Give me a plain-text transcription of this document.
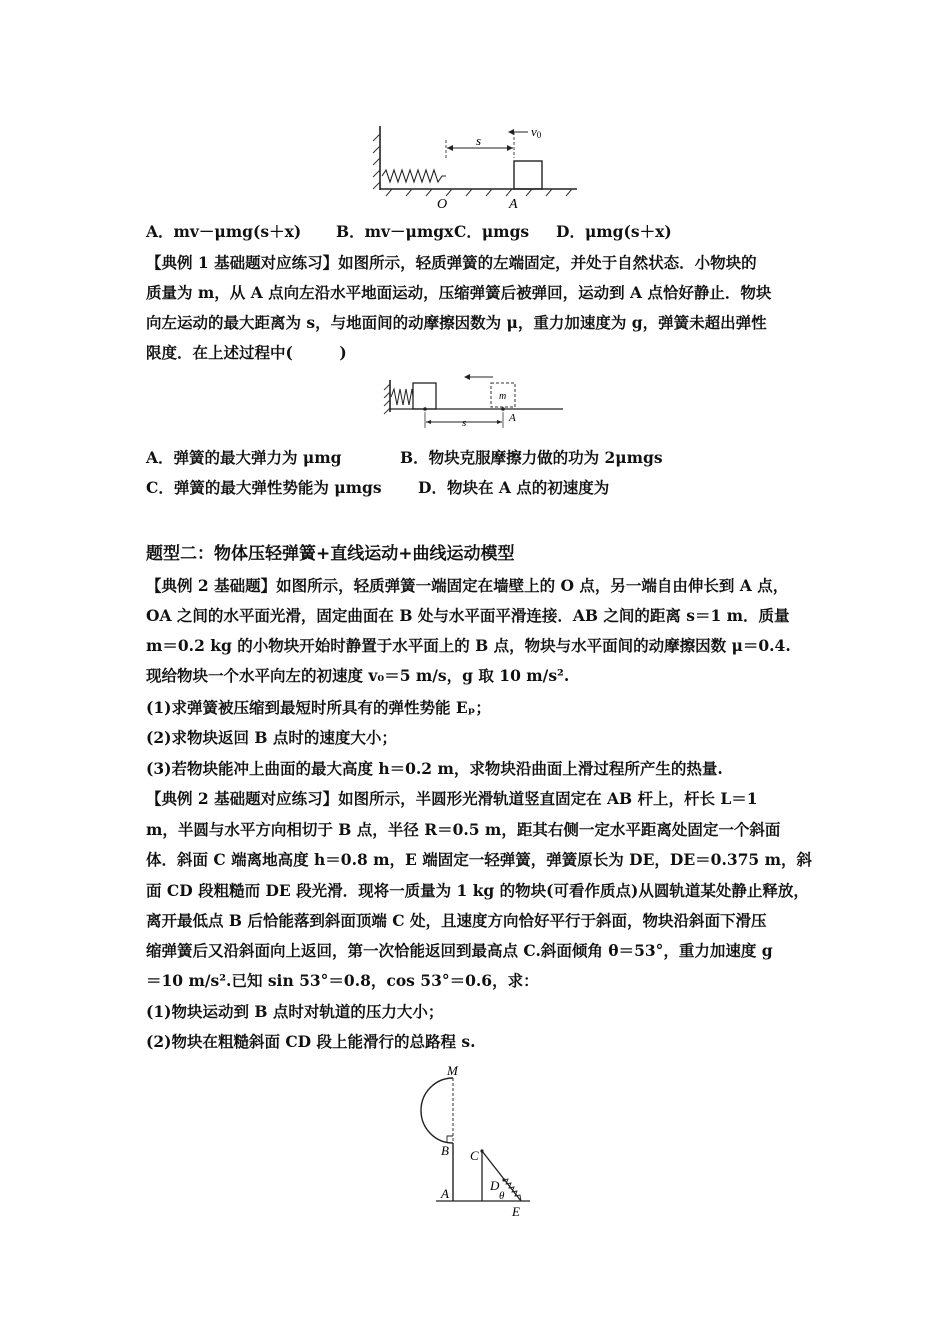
s
v0
O	A
A．mv－μmg(s＋x) B．mv－μmgx C．μmgs D．μmg(s＋x)
【典例 1 基础题对应练习】如图所示，轻质弹簧的左端固定，并处于自然状态．小物块的
质量为 m，从 A 点向左沿水平地面运动，压缩弹簧后被弹回，运动到 A 点恰好静止．物块
向左运动的最大距离为 s，与地面间的动摩擦因数为 μ，重力加速度为 g，弹簧未超出弹性
限度．在上述过程中(　　　)
A．弹簧的最大弹力为 μmg	B．物块克服摩擦力做的功为 2μmgs
C．弹簧的最大弹性势能为 μmgs D．物块在 A 点的初速度为
题型二：物体压轻弹簧+直线运动+曲线运动模型
【典例 2 基础题】如图所示，轻质弹簧一端固定在墙壁上的 O 点，另一端自由伸长到 A 点，
OA 之间的水平面光滑，固定曲面在 B 处与水平面平滑连接．AB 之间的距离 s＝1 m．质量
m＝0.2 kg 的小物块开始时静置于水平面上的 B 点，物块与水平面间的动摩擦因数 μ＝0.4.
现给物块一个水平向左的初速度 v₀＝5 m/s，g 取 10 m/s².
(1)求弹簧被压缩到最短时所具有的弹性势能 Eₚ；
(2)求物块返回 B 点时的速度大小；
(3)若物块能冲上曲面的最大高度 h＝0.2 m，求物块沿曲面上滑过程所产生的热量.
【典例 2 基础题对应练习】如图所示，半圆形光滑轨道竖直固定在 AB 杆上，杆长 L＝1
m，半圆与水平方向相切于 B 点，半径 R＝0.5 m，距其右侧一定水平距离处固定一个斜面
体．斜面 C 端离地高度 h＝0.8 m，E 端固定一轻弹簧，弹簧原长为 DE，DE＝0.375 m，斜
面 CD 段粗糙而 DE 段光滑．现将一质量为 1 kg 的物块(可看作质点)从圆轨道某处静止释放，
离开最低点 B 后恰能落到斜面顶端 C 处，且速度方向恰好平行于斜面，物块沿斜面下滑压
缩弹簧后又沿斜面向上返回，第一次恰能返回到最高点 C.斜面倾角 θ＝53°，重力加速度 g
＝10 m/s².已知 sin 53°＝0.8，cos 53°＝0.6，求：
(1)物块运动到 B 点时对轨道的压力大小；
(2)物块在粗糙斜面 CD 段上能滑行的总路程 s.
m
A
s
M
B
A
C
D
θ
E
